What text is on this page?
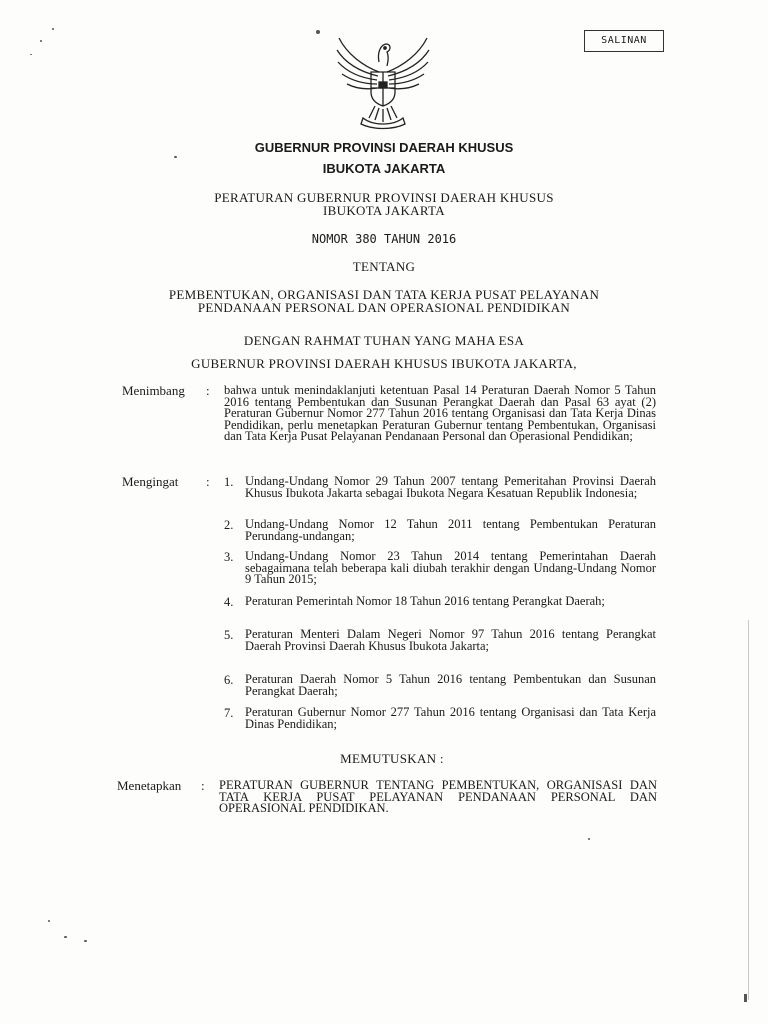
SALINAN
GUBERNUR PROVINSI DAERAH KHUSUS
IBUKOTA JAKARTA
PERATURAN GUBERNUR PROVINSI DAERAH KHUSUS
IBUKOTA JAKARTA
NOMOR 380 TAHUN 2016
TENTANG
PEMBENTUKAN, ORGANISASI DAN TATA KERJA PUSAT PELAYANAN
PENDANAAN PERSONAL DAN OPERASIONAL PENDIDIKAN
DENGAN RAHMAT TUHAN YANG MAHA ESA
GUBERNUR PROVINSI DAERAH KHUSUS IBUKOTA JAKARTA,
Menimbang : bahwa untuk menindaklanjuti ketentuan Pasal 14 Peraturan Daerah Nomor 5 Tahun 2016 tentang Pembentukan dan Susunan Perangkat Daerah dan Pasal 63 ayat (2) Peraturan Gubernur Nomor 277 Tahun 2016 tentang Organisasi dan Tata Kerja Dinas Pendidikan, perlu menetapkan Peraturan Gubernur tentang Pembentukan, Organisasi dan Tata Kerja Pusat Pelayanan Pendanaan Personal dan Operasional Pendidikan;
Mengingat : 1. Undang-Undang Nomor 29 Tahun 2007 tentang Pemeritahan Provinsi Daerah Khusus Ibukota Jakarta sebagai Ibukota Negara Kesatuan Republik Indonesia;
2. Undang-Undang Nomor 12 Tahun 2011 tentang Pembentukan Peraturan Perundang-undangan;
3. Undang-Undang Nomor 23 Tahun 2014 tentang Pemerintahan Daerah sebagaimana telah beberapa kali diubah terakhir dengan Undang-Undang Nomor 9 Tahun 2015;
4. Peraturan Pemerintah Nomor 18 Tahun 2016 tentang Perangkat Daerah;
5. Peraturan Menteri Dalam Negeri Nomor 97 Tahun 2016 tentang Perangkat Daerah Provinsi Daerah Khusus Ibukota Jakarta;
6. Peraturan Daerah Nomor 5 Tahun 2016 tentang Pembentukan dan Susunan Perangkat Daerah;
7. Peraturan Gubernur Nomor 277 Tahun 2016 tentang Organisasi dan Tata Kerja Dinas Pendidikan;
MEMUTUSKAN :
Menetapkan : PERATURAN GUBERNUR TENTANG PEMBENTUKAN, ORGANISASI DAN TATA KERJA PUSAT PELAYANAN PENDANAAN PERSONAL DAN OPERASIONAL PENDIDIKAN.
